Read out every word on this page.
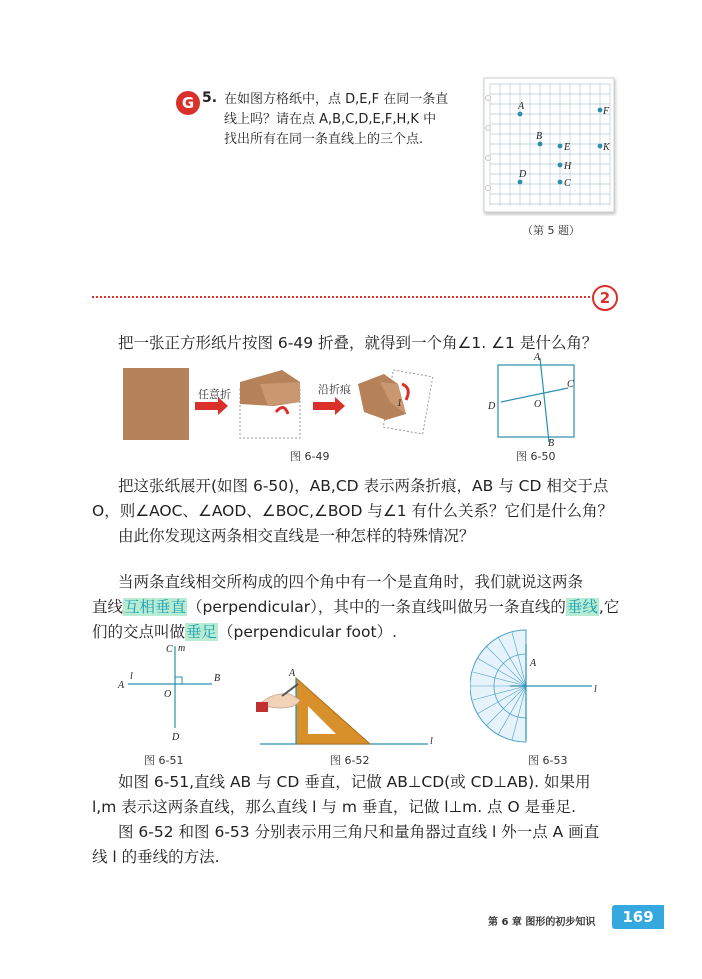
G 5. 在如图方格纸中，点 D,E,F 在同一条直
线上吗？请在点 A,B,C,D,E,F,H,K 中
找出所有在同一条直线上的三个点.
A	F
B
E	K
H
D
C
（第 5 题）
2
把一张正方形纸片按图 6-49 折叠，就得到一个角∠1. ∠1 是什么角？
1
任意折	沿折痕
图 6-49
A
C
O
D
B
图 6-50
把这张纸展开(如图 6-50)，AB,CD 表示两条折痕，AB 与 CD 相交于点
O，则∠AOC、∠AOD、∠BOC,∠BOD 与∠1 有什么关系？它们是什么角？
由此你发现这两条相交直线是一种怎样的特殊情况？
当两条直线相交所构成的四个角中有一个是直角时，我们就说这两条
直线互相垂直（perpendicular），其中的一条直线叫做另一条直线的垂线,它
们的交点叫做垂足（perpendicular foot）.
C m
l
A
B
O
D
图 6-51
A
l
图 6-52
A
l
图 6-53
如图 6-51,直线 AB 与 CD 垂直，记做 AB⊥CD(或 CD⊥AB). 如果用
l,m 表示这两条直线，那么直线 l 与 m 垂直，记做 l⊥m. 点 O 是垂足.
图 6-52 和图 6-53 分别表示用三角尺和量角器过直线 l 外一点 A 画直
线 l 的垂线的方法.
第 6 章 图形的初步知识	169
